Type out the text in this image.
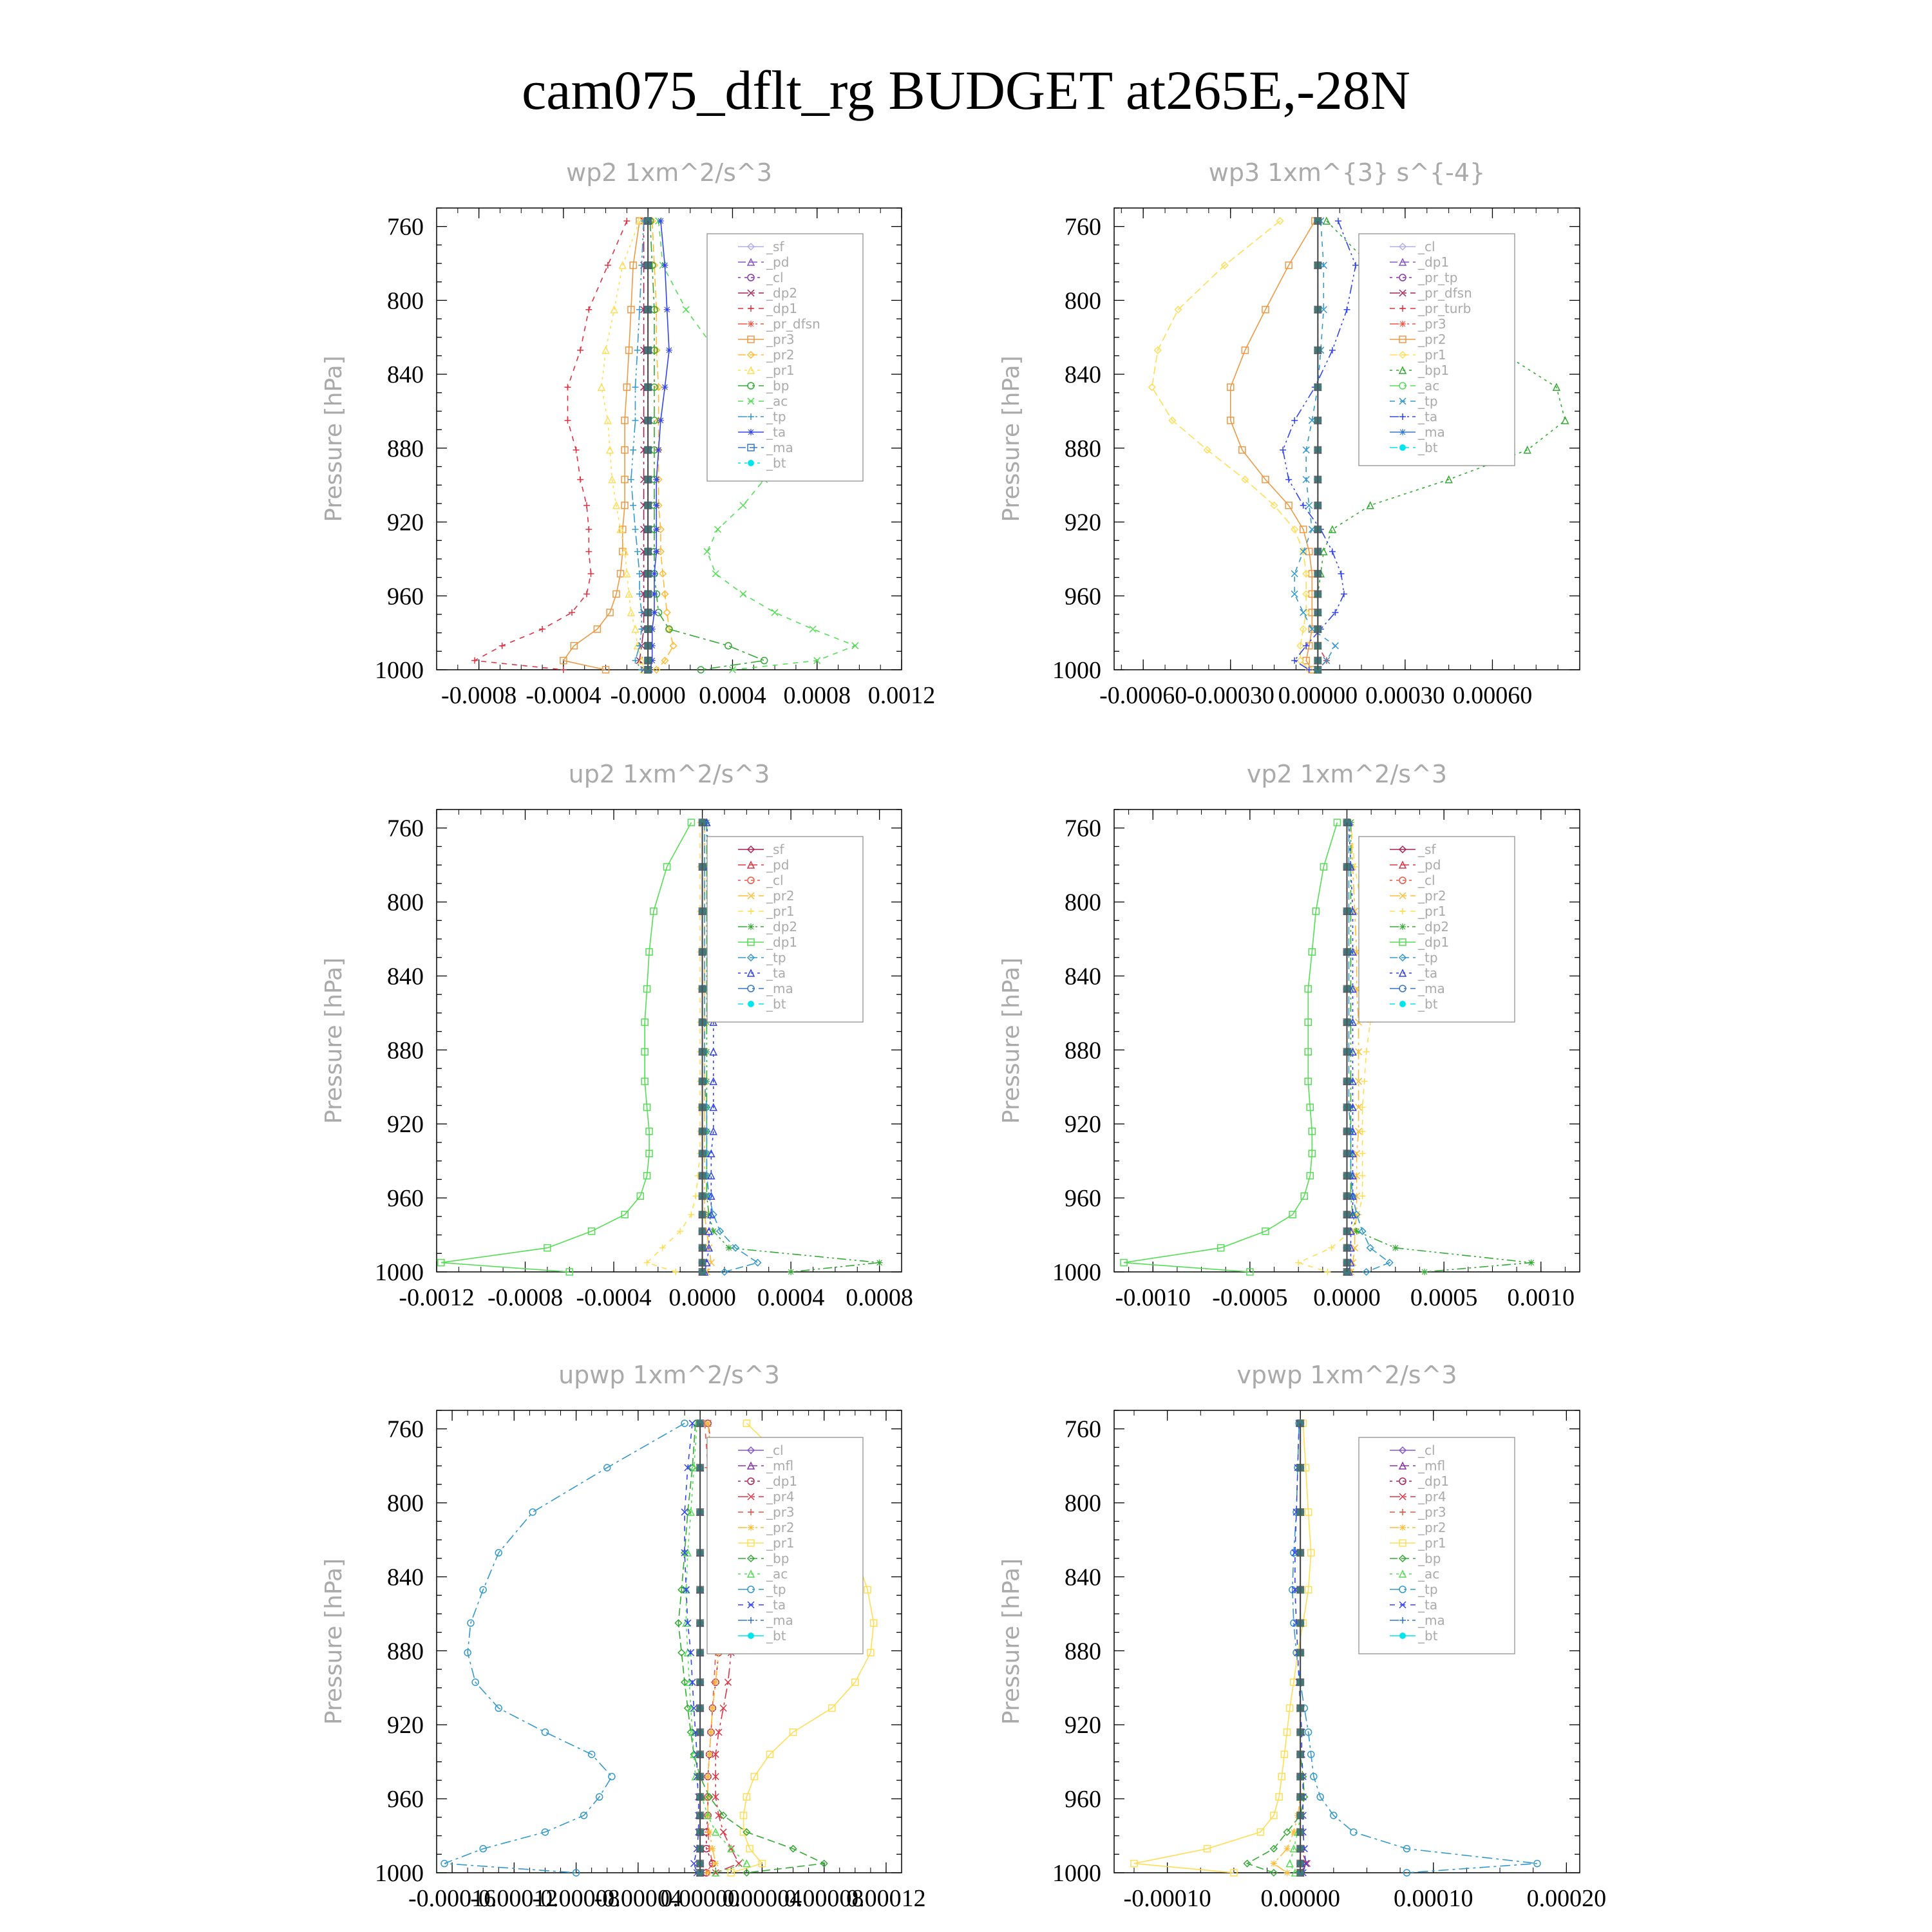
cam075_dflt_rg BUDGET at265E,-28N
wp2 1xm^2/s^3
Pressure [hPa]
760
800
840
880
920
960
1000
-0.0008 -0.0004 -0.0000 0.0004 0.0008 0.0012
_sf
_pd
_cl
_dp2
_dp1
_pr_dfsn
_pr3
_pr2
_pr1
_bp
_ac
_tp
_ta
_ma
_bt
wp3 1xm^{3} s^{-4}
Pressure [hPa]
760
800
840
880
920
960
1000
-0.00060 -0.00030 0.00000 0.00030 0.00060
_cl
_dp1
_pr_tp
_pr_dfsn
_pr_turb
_pr3
_pr2
_pr1
_bp1
_ac
_tp
_ta
_ma
_bt
up2 1xm^2/s^3
Pressure [hPa]
760
800
840
880
920
960
1000
-0.0012 -0.0008 -0.0004 0.0000 0.0004 0.0008
_sf
_pd
_cl
_pr2
_pr1
_dp2
_dp1
_tp
_ta
_ma
_bt
vp2 1xm^2/s^3
Pressure [hPa]
760
800
840
880
920
960
1000
-0.0010 -0.0005 0.0000 0.0005 0.0010
_sf
_pd
_cl
_pr2
_pr1
_dp2
_dp1
_tp
_ta
_ma
_bt
upwp 1xm^2/s^3
Pressure [hPa]
760
800
840
880
920
960
1000
-0.00016
-0.00012
-0.00008
-0.00004
0.00000
0.00004
0.00008
0.00012
_cl
_mfl
_dp1
_pr4
_pr3
_pr2
_pr1
_bp
_ac
_tp
_ta
_ma
_bt
vpwp 1xm^2/s^3
Pressure [hPa]
760
800
840
880
920
960
1000
-0.00010 0.00000 0.00010 0.00020
_cl
_mfl
_dp1
_pr4
_pr3
_pr2
_pr1
_bp
_ac
_tp
_ta
_ma
_bt
